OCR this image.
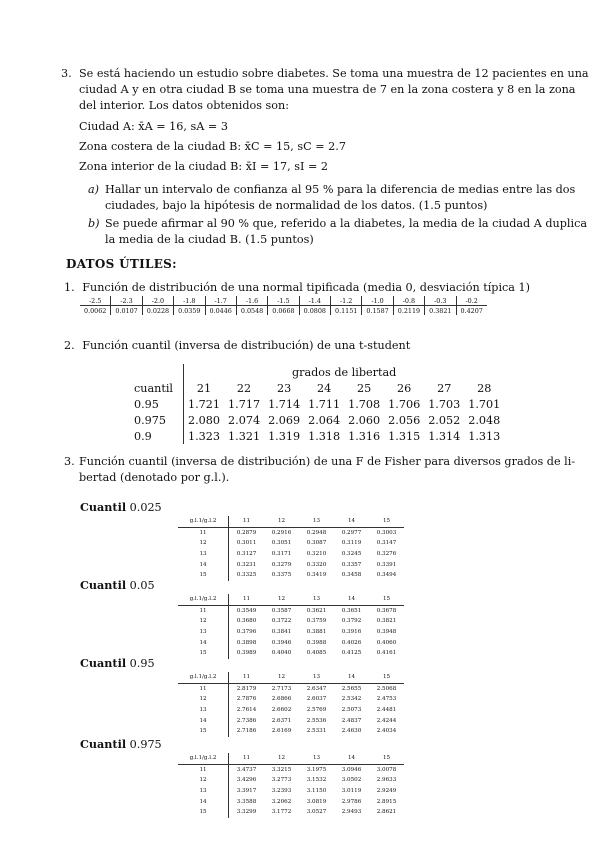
3. Se está haciendo un estudio sobre diabetes. Se toma una muestra de 12 pacientes en una
ciudad A y en otra ciudad B se toma una muestra de 7 en la zona costera y 8 en la zona
del interior. Los datos obtenidos son:
Ciudad A: x̄A = 16, sA = 3
Zona costera de la ciudad B: x̄C = 15, sC = 2.7
Zona interior de la ciudad B: x̄I = 17, sI = 2
a) Hallar un intervalo de confianza al 95 % para la diferencia de medias entre las dos
ciudades, bajo la hipótesis de normalidad de los datos. (1.5 puntos)
b) Se puede afirmar al 90 % que, referido a la diabetes, la media de la ciudad A duplica
la media de la ciudad B. (1.5 puntos)
DATOS ÚTILES:
1. Función de distribución de una normal tipificada (media 0, desviación típica 1)
-2.5	-2.3	-2.0	-1.8	-1.7	-1.6	-1.5	-1.4	-1.2	-1.0	-0.8	-0.3	-0.2
0.0062	0.0107	0.0228	0.0359	0.0446	0.0548	0.0668	0.0808	0.1151	0.1587	0.2119	0.3821	0.4207
2. Función cuantil (inversa de distribución) de una t-student
	grados de libertad							
cuantil	21	22	23	24	25	26	27	28
0.95	1.721	1.717	1.714	1.711	1.708	1.706	1.703	1.701
0.975	2.080	2.074	2.069	2.064	2.060	2.056	2.052	2.048
0.9	1.323	1.321	1.319	1.318	1.316	1.315	1.314	1.313
3. Función cuantil (inversa de distribución) de una F de Fisher para diversos grados de li-
bertad (denotado por g.l.).
Cuantil 0.025
g.l.1/g.l.2	11	12	13	14	15
11	0.2879	0.2916	0.2948	0.2977	0.3003
12	0.3011	0.3051	0.3087	0.3119	0.3147
13	0.3127	0.3171	0.3210	0.3245	0.3276
14	0.3231	0.3279	0.3320	0.3357	0.3391
15	0.3325	0.3375	0.3419	0.3458	0.3494
Cuantil 0.05
g.l.1/g.l.2	11	12	13	14	15
11	0.3549	0.3587	0.3621	0.3651	0.3678
12	0.3680	0.3722	0.3759	0.3792	0.3821
13	0.3796	0.3841	0.3881	0.3916	0.3948
14	0.3898	0.3946	0.3988	0.4026	0.4060
15	0.3989	0.4040	0.4085	0.4125	0.4161
Cuantil 0.95
g.l.1/g.l.2	11	12	13	14	15
11	2.8179	2.7173	2.6347	2.5655	2.5068
12	2.7876	2.6866	2.6037	2.5342	2.4753
13	2.7614	2.6602	2.5769	2.5073	2.4481
14	2.7386	2.6371	2.5536	2.4837	2.4244
15	2.7186	2.6169	2.5331	2.4630	2.4034
Cuantil 0.975
g.l.1/g.l.2	11	12	13	14	15
11	3.4737	3.3215	3.1975	3.0946	3.0078
12	3.4296	3.2773	3.1532	3.0502	2.9633
13	3.3917	3.2393	3.1150	3.0119	2.9249
14	3.3588	3.2062	3.0819	2.9786	2.8915
15	3.3299	3.1772	3.0527	2.9493	2.8621
